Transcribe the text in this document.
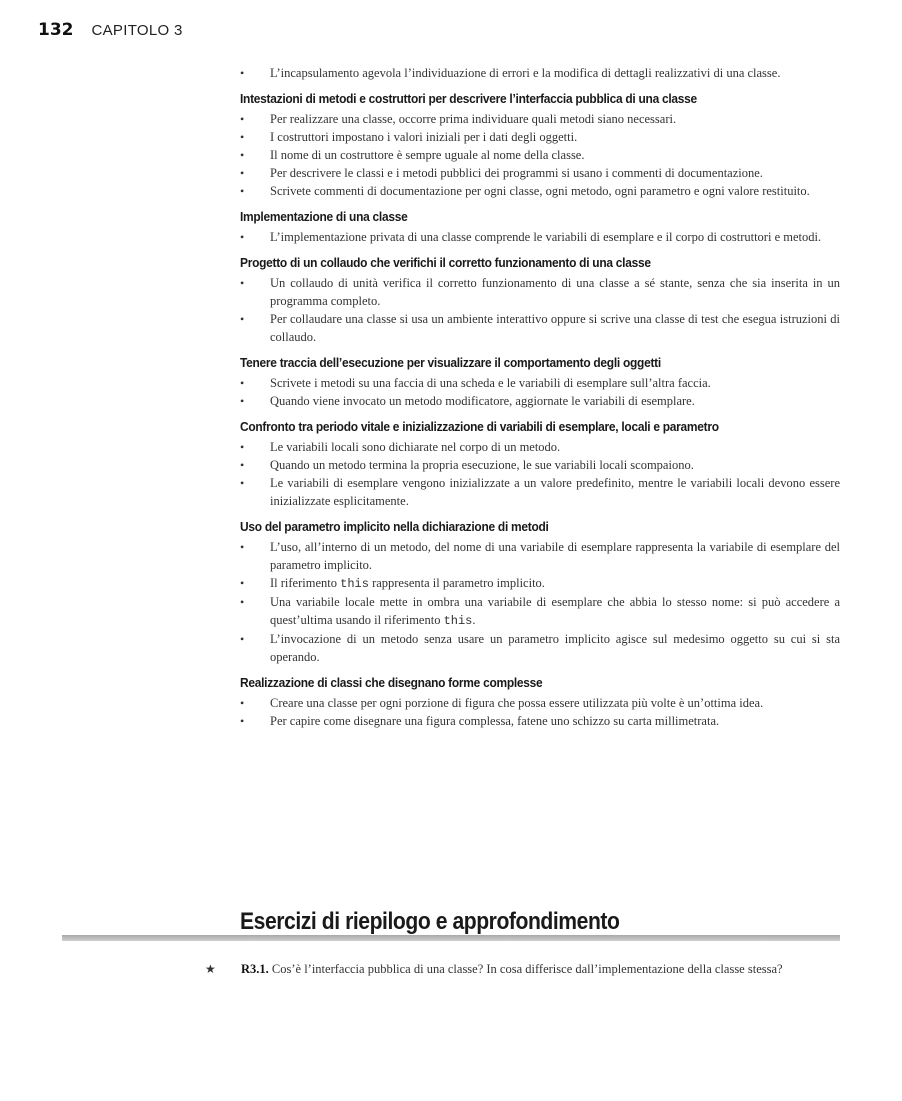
132 CAPITOLO 3
•	L’incapsulamento agevola l’individuazione di errori e la modifica di dettagli realizzativi di una classe.
Intestazioni di metodi e costruttori per descrivere l’interfaccia pubblica di una classe
•	Per realizzare una classe, occorre prima individuare quali metodi siano necessari.
•	I costruttori impostano i valori iniziali per i dati degli oggetti.
•	Il nome di un costruttore è sempre uguale al nome della classe.
•	Per descrivere le classi e i metodi pubblici dei programmi si usano i commenti di documentazione.
•	Scrivete commenti di documentazione per ogni classe, ogni metodo, ogni parametro e ogni valore restituito.
Implementazione di una classe
•	L’implementazione privata di una classe comprende le variabili di esemplare e il corpo di costruttori e metodi.
Progetto di un collaudo che verifichi il corretto funzionamento di una classe
•	Un collaudo di unità verifica il corretto funzionamento di una classe a sé stante, senza che sia inserita in un programma completo.
•	Per collaudare una classe si usa un ambiente interattivo oppure si scrive una classe di test che esegua istruzioni di collaudo.
Tenere traccia dell’esecuzione per visualizzare il comportamento degli oggetti
•	Scrivete i metodi su una faccia di una scheda e le variabili di esemplare sull’altra faccia.
•	Quando viene invocato un metodo modificatore, aggiornate le variabili di esemplare.
Confronto tra periodo vitale e inizializzazione di variabili di esemplare, locali e parametro
•	Le variabili locali sono dichiarate nel corpo di un metodo.
•	Quando un metodo termina la propria esecuzione, le sue variabili locali scompaiono.
•	Le variabili di esemplare vengono inizializzate a un valore predefinito, mentre le variabili locali devono essere inizializzate esplicitamente.
Uso del parametro implicito nella dichiarazione di metodi
•	L’uso, all’interno di un metodo, del nome di una variabile di esemplare rappresenta la variabile di esemplare del parametro implicito.
•	Il riferimento this rappresenta il parametro implicito.
•	Una variabile locale mette in ombra una variabile di esemplare che abbia lo stesso nome: si può accedere a quest’ultima usando il riferimento this.
•	L’invocazione di un metodo senza usare un parametro implicito agisce sul medesimo oggetto su cui si sta operando.
Realizzazione di classi che disegnano forme complesse
•	Creare una classe per ogni porzione di figura che possa essere utilizzata più volte è un’ottima idea.
•	Per capire come disegnare una figura complessa, fatene uno schizzo su carta millimetrata.
Esercizi di riepilogo e approfondimento
★ R3.1. Cos’è l’interfaccia pubblica di una classe? In cosa differisce dall’implementazione della classe stessa?
